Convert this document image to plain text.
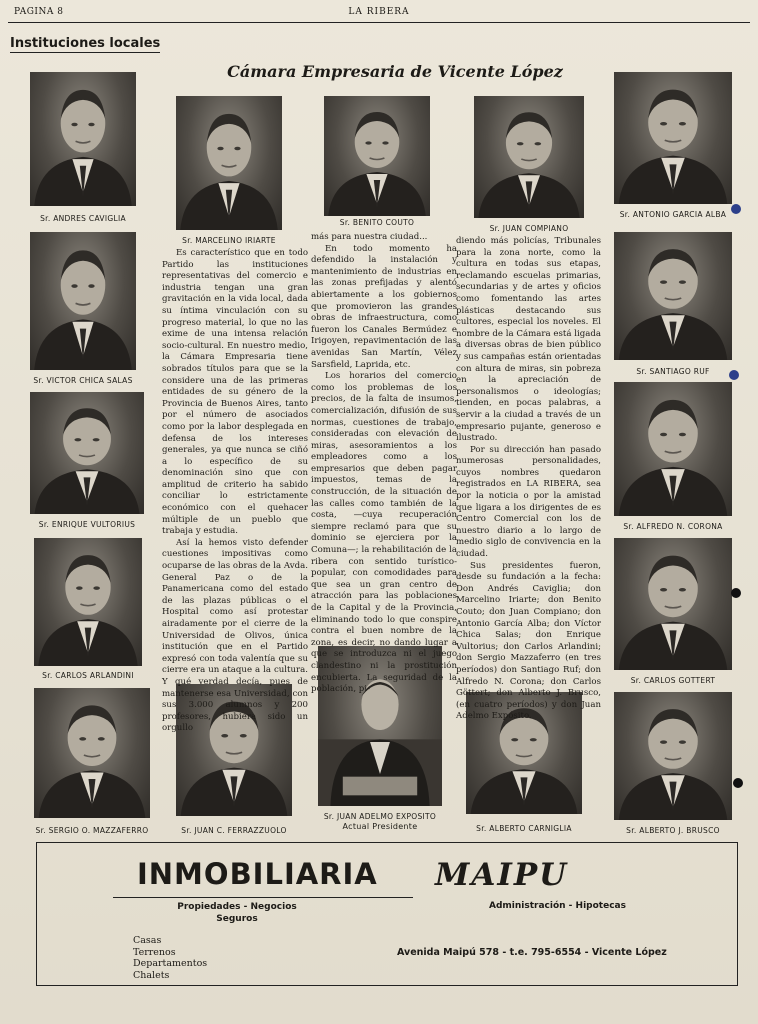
PAGINA 8	LA RIBERA
Instituciones locales
Cámara Empresaria de Vicente López
Sr. ANDRES CAVIGLIA
Sr. MARCELINO IRIARTE
Sr. BENITO COUTO
Sr. JUAN COMPIANO
Sr. ANTONIO GARCIA ALBA
Sr. VICTOR CHICA SALAS
Sr. SANTIAGO RUF
Sr. ENRIQUE VULTORIUS	Sr. ALFREDO N. CORONA
Sr. CARLOS ARLANDINI
Sr. CARLOS GOTTERT
Sr. SERGIO O. MAZZAFERRO	Sr. JUAN C. FERRAZZUOLO
Sr. JUAN ADELMO EXPOSITO
Sr. ALBERTO CARNIGLIA	Sr. ALBERTO J. BRUSCO
Actual Presidente

Es característico que en todo Partido las instituciones representativas del comercio e industria tengan una gran gravitación en la vida local, dada su íntima vinculación con su progreso material, lo que no las exime de una intensa relación socio-cultural. En nuestro medio, la Cámara Empresaria tiene sobrados títulos para que se la considere una de las primeras entidades de su género de la Provincia de Buenos Aires, tanto por el número de asociados como por la labor desplegada en defensa de los intereses generales, ya que nunca se ciñó a lo específico de su denominación sino que con amplitud de criterio ha sabido conciliar lo estrictamente económico con el quehacer múltiple de un pueblo que trabaja y estudia.

Así la hemos visto defender cuestiones impositivas como ocuparse de las obras de la Avda. General Paz o de la Panamericana como del estado de las plazas públicas o el Hospital como así protestar airadamente por el cierre de la Universidad de Olivos, única institución que en el Partido expresó con toda valentía que su cierre era un ataque a la cultura. Y qué verdad decía, pues de mantenerse esa Universidad, con sus 3.000 alumnos y 200 profesores, hubiera sido un orgullo

más para nuestra ciudad...

En todo momento ha defendido la instalación y mantenimiento de industrias en las zonas prefijadas y alentó abiertamente a los gobiernos que promovieron las grandes obras de infraestructura, como fueron los Canales Bermúdez e Irigoyen, repavimentación de las avenidas San Martín, Vélez Sarsfield, Laprida, etc.

Los horarios del comercio como los problemas de los precios, de la falta de insumos, comercialización, difusión de sus normas, cuestiones de trabajo, consideradas con elevación de miras, asesoramientos a los empleadores como a los empresarios que deben pagar impuestos, temas de la construcción, de la situación de las calles como también de la costa, —cuya recuperación siempre reclamó para que su dominio se ejerciera por la Comuna—; la rehabilitación de la ribera con sentido turístico-popular, con comodidades para que sea un gran centro de atracción para las poblaciones de la Capital y de la Provincia, eliminando todo lo que conspire contra el buen nombre de la zona, es decir, no dando lugar a que se introduzca ni el juego clandestino ni la prostitución encubierta. La seguridad de la población, pi-

diendo más policías, Tribunales para la zona norte, como la cultura en todas sus etapas, reclamando escuelas primarias, secundarias y de artes y oficios como fomentando las artes plásticas destacando sus cultores, especial los noveles. El nombre de la Cámara está ligada a diversas obras de bien público y sus campañas están orientadas con altura de miras, sin pobreza en la apreciación de personalismos o ideologías; tienden, en pocas palabras, a servir a la ciudad a través de un empresario pujante, generoso e ilustrado.

Por su dirección han pasado numerosas personalidades, cuyos nombres quedaron registrados en LA RIBERA, sea por la noticia o por la amistad que ligara a los dirigentes de es Centro Comercial con los de nuestro diario a lo largo de medio siglo de convivencia en la ciudad.

Sus presidentes fueron, desde su fundación a la fecha: Don Andrés Caviglia; don Marcelino Iriarte; don Benito Couto; don Juan Compiano; don Antonio García Alba; don Víctor Chica Salas; don Enrique Vultorius; don Carlos Arlandini; don Sergio Mazzaferro (en tres períodos) don Santiago Ruf; don Alfredo N. Corona; don Carlos Göttert; don Alberto J. Brusco, (en cuatro períodos) y don Juan Adelmo Expósito.

INMOBILIARIA MAIPU
Propiedades - Negocios
Seguros
Administración - Hipotecas
Casas
Terrenos
Departamentos
Chalets
Avenida Maipú 578 - t.e. 795-6554 - Vicente López
